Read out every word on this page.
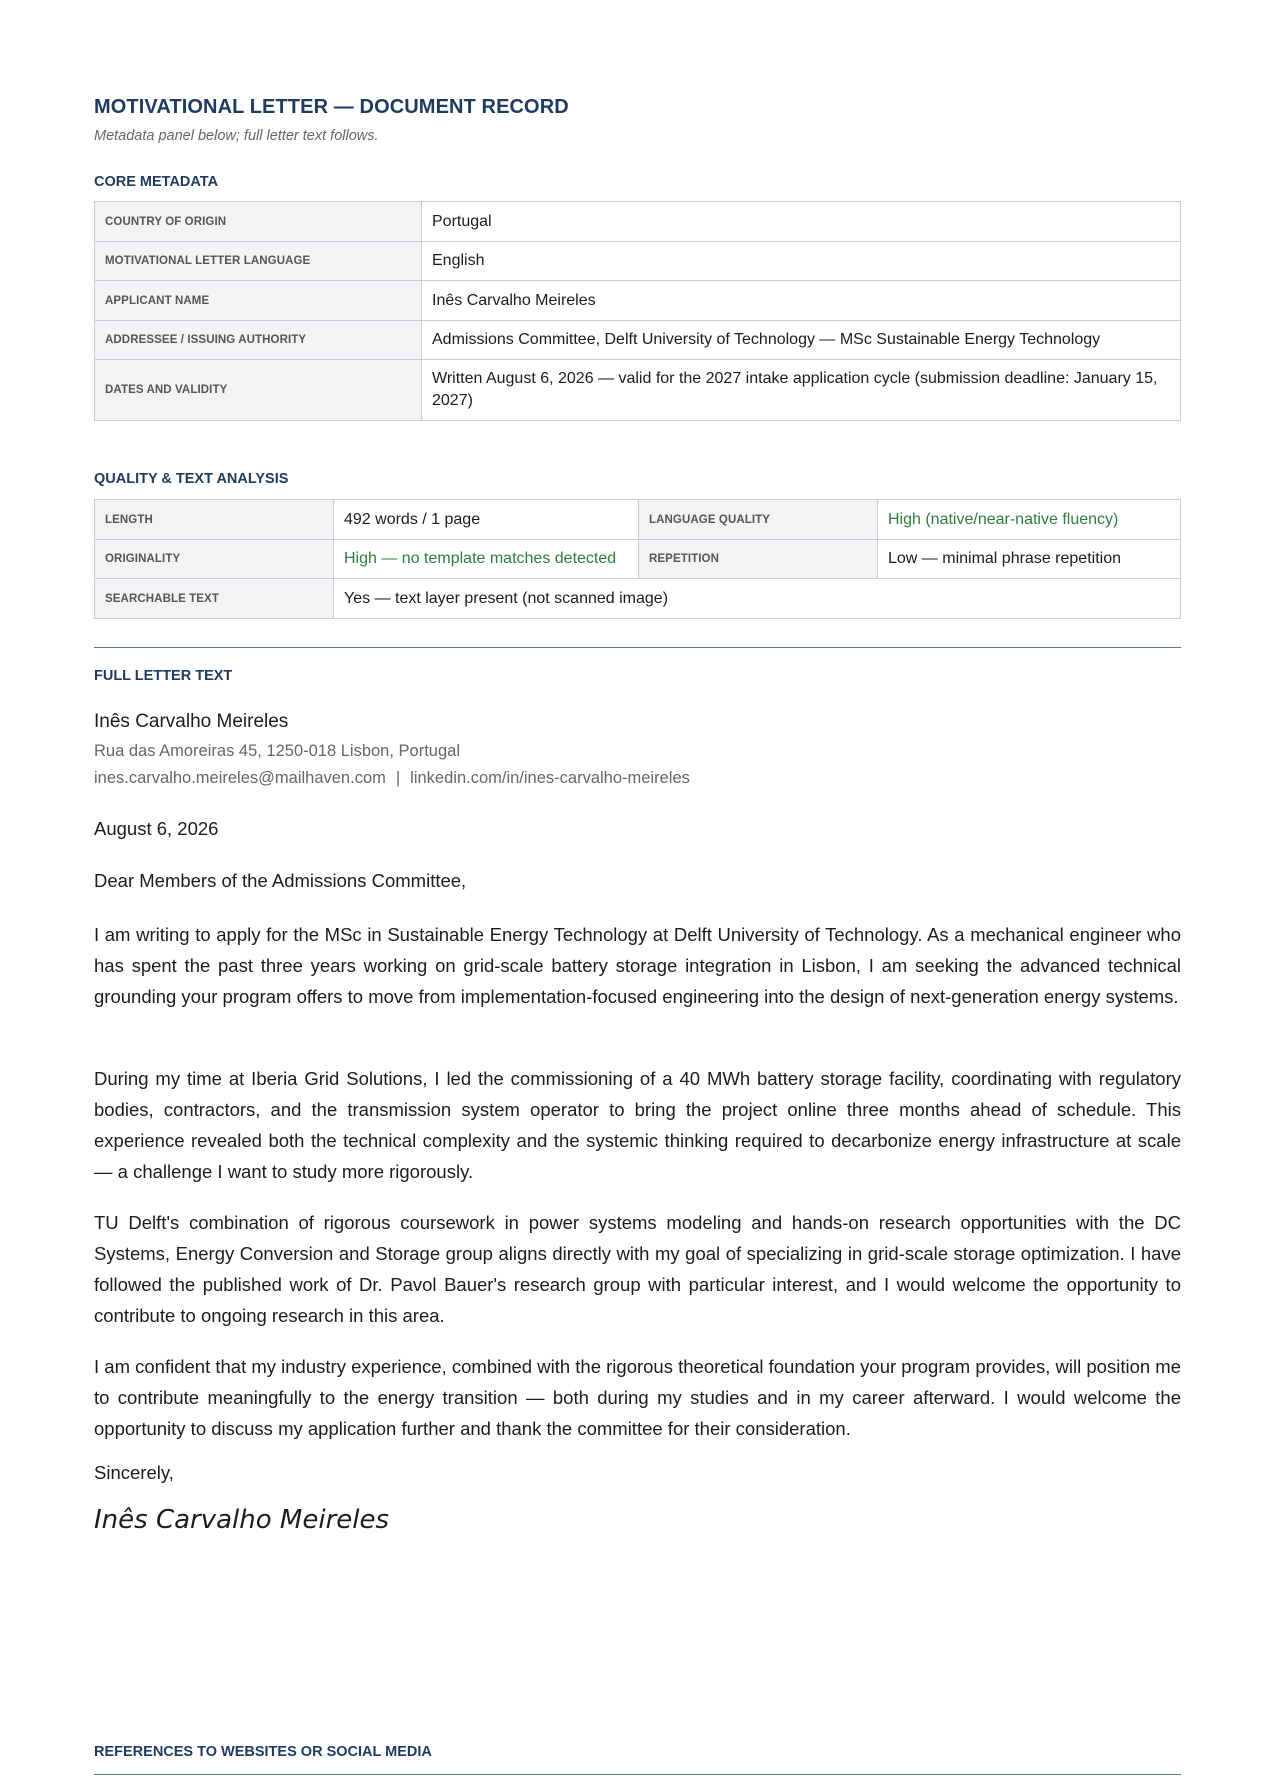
MOTIVATIONAL LETTER — DOCUMENT RECORD
Metadata panel below; full letter text follows.
CORE METADATA
COUNTRY OF ORIGIN	Portugal
MOTIVATIONAL LETTER LANGUAGE	English
APPLICANT NAME	Inês Carvalho Meireles
ADDRESSEE / ISSUING AUTHORITY	Admissions Committee, Delft University of Technology — MSc Sustainable Energy Technology
DATES AND VALIDITY	Written August 6, 2026 — valid for the 2027 intake application cycle (submission deadline: January 15, 2027)
QUALITY & TEXT ANALYSIS
LENGTH	492 words / 1 page	LANGUAGE QUALITY	High (native/near-native fluency)
ORIGINALITY	High — no template matches detected	REPETITION	Low — minimal phrase repetition
SEARCHABLE TEXT	Yes — text layer present (not scanned image)		
FULL LETTER TEXT
Inês Carvalho Meireles
Rua das Amoreiras 45, 1250-018 Lisbon, Portugal
ines.carvalho.meireles@mailhaven.com | linkedin.com/in/ines-carvalho-meireles
August 6, 2026
Dear Members of the Admissions Committee,

I am writing to apply for the MSc in Sustainable Energy Technology at Delft University of Technology. As a mechanical engineer who has spent the past three years working on grid-scale battery storage integration in Lisbon, I am seeking the advanced technical grounding your program offers to move from implementation-focused engineering into the design of next-generation energy systems.

During my time at Iberia Grid Solutions, I led the commissioning of a 40 MWh battery storage facility, coordinating with regulatory bodies, contractors, and the transmission system operator to bring the project online three months ahead of schedule. This experience revealed both the technical complexity and the systemic thinking required to decarbonize energy infrastructure at scale — a challenge I want to study more rigorously.

TU Delft's combination of rigorous coursework in power systems modeling and hands-on research opportunities with the DC Systems, Energy Conversion and Storage group aligns directly with my goal of specializing in grid-scale storage optimization. I have followed the published work of Dr. Pavol Bauer's research group with particular interest, and I would welcome the opportunity to contribute to ongoing research in this area.

I am confident that my industry experience, combined with the rigorous theoretical foundation your program provides, will position me to contribute meaningfully to the energy transition — both during my studies and in my career afterward. I would welcome the opportunity to discuss my application further and thank the committee for their consideration.

Sincerely,
Inês Carvalho Meireles
REFERENCES TO WEBSITES OR SOCIAL MEDIA
